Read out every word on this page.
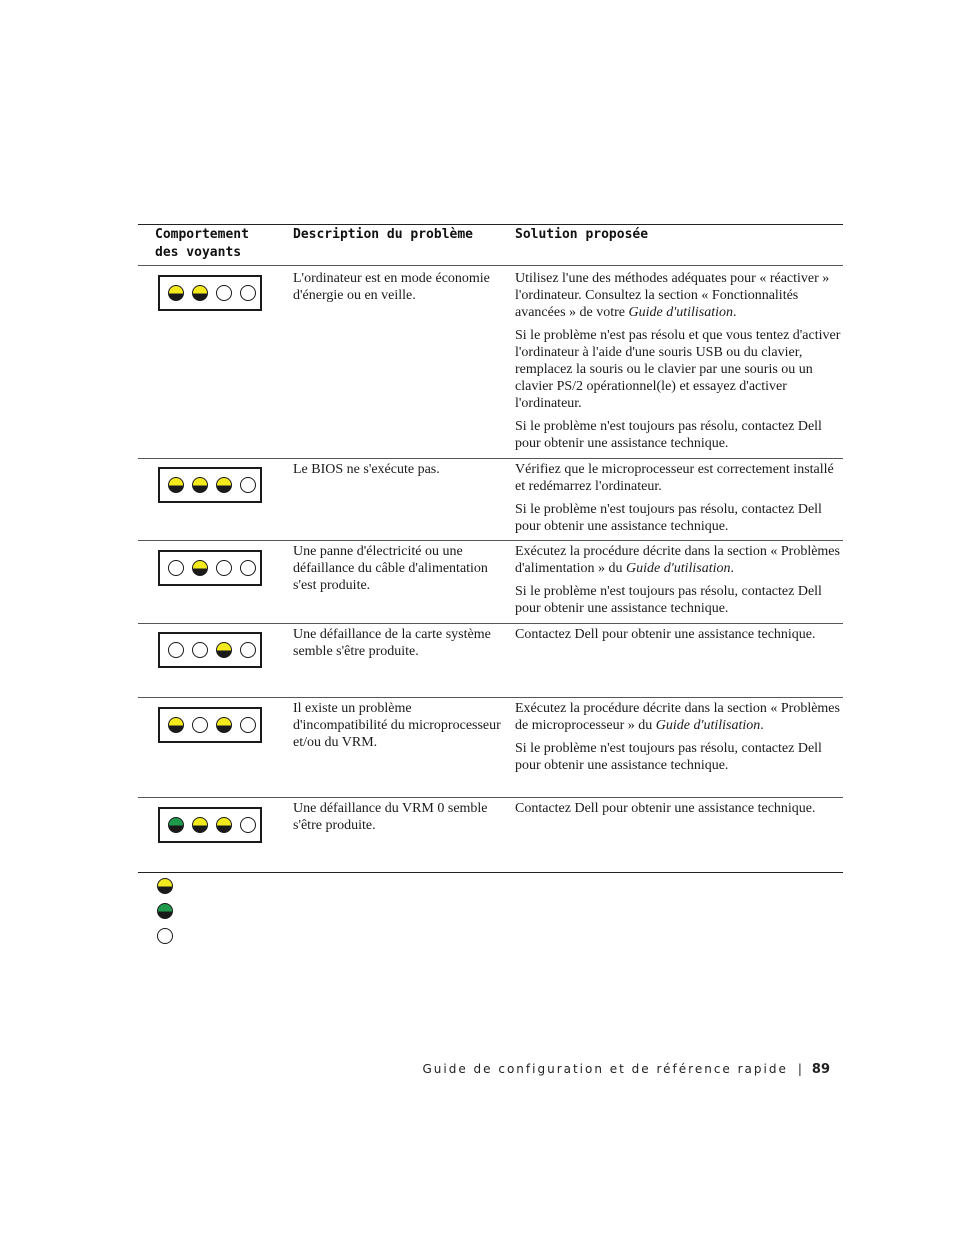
Comportement
des voyants
Description du problème	Solution proposée
L'ordinateur est en mode économie d'énergie ou en veille.

Utilisez l'une des méthodes adéquates pour « réactiver » l'ordinateur. Consultez la section « Fonctionnalités avancées » de votre Guide d'utilisation.

Si le problème n'est pas résolu et que vous tentez d'activer l'ordinateur à l'aide d'une souris USB ou du clavier, remplacez la souris ou le clavier par une souris ou un clavier PS/2 opérationnel(le) et essayez d'activer l'ordinateur.

Si le problème n'est toujours pas résolu, contactez Dell pour obtenir une assistance technique.

Le BIOS ne s'exécute pas.	Vérifiez que le microprocesseur est correctement installé et redémarrez l'ordinateur.

Si le problème n'est toujours pas résolu, contactez Dell pour obtenir une assistance technique.

Une panne d'électricité ou une défaillance du câble d'alimentation s'est produite.

Exécutez la procédure décrite dans la section « Problèmes d'alimentation » du Guide d'utilisation.

Si le problème n'est toujours pas résolu, contactez Dell pour obtenir une assistance technique.

Une défaillance de la carte système semble s'être produite.

Contactez Dell pour obtenir une assistance technique.

Il existe un problème d'incompatibilité du microprocesseur et/ou du VRM.

Exécutez la procédure décrite dans la section « Problèmes de microprocesseur » du Guide d'utilisation.

Si le problème n'est toujours pas résolu, contactez Dell pour obtenir une assistance technique.

Une défaillance du VRM 0 semble s'être produite.

Contactez Dell pour obtenir une assistance technique.

Guide de configuration et de référence rapide | 89
